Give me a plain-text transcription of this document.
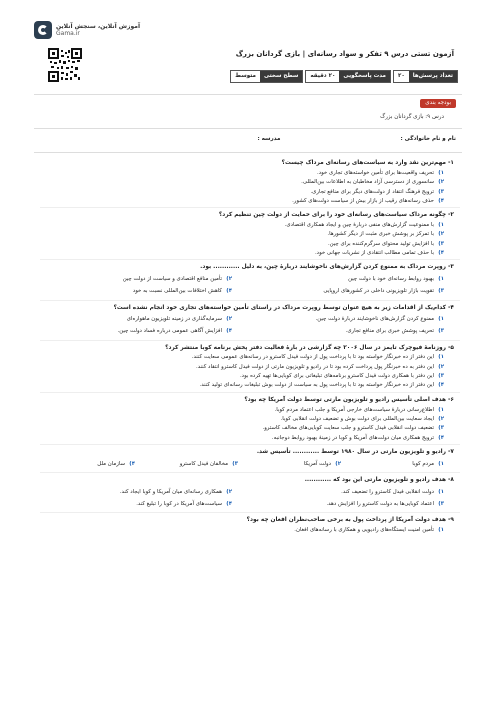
آموزش آنلاین، سنجش آنلاین
Gama.ir
آزمون تستی درس ۹ تفکر و سواد رسانه‌ای | بازی گردانان بزرگ
تعداد پرسش‌ها
۲۰
مدت پاسخگویی
۲۰ دقیقه
سطح سختی
متوسط
بودجه بندی
درس ۹: بازی گردانان بزرگ
نام و نام خانوادگی :
مدرسه :
۱-
مهم‌ترین نقد وارد به سیاست‌های رسانه‌ای مرداک چیست؟
۱)
تحریف واقعیت‌ها برای تأمین خواسته‌های تجاری خود.
۲)
سانسوری از دسترسی آزاد مخاطبان به اطلاعات بین‌المللی.
۳)
ترویج فرهنگ انتقاد از دولت‌های دیگر برای منافع تجاری.
۴)
حذف رسانه‌های رقیب از بازار بیش از سیاست دولت‌های کشور.
۲-
چگونه مرداک سیاست‌های رسانه‌ای خود را برای حمایت از دولت چین تنظیم کرد؟
۱)
با ممنوعیت گزارش‌های منفی دربارهٔ چین و ایجاد همکاری اقتصادی.
۲)
با تمرکز بر پوشش خبری مثبت از دیگر کشورها.
۳)
با افزایش تولید محتوای سرگرم‌کننده برای چین.
۴)
با حذف تمامی مطالب انتقادی از نشریات جهانی خود.
۳-
روپرت مرداک به ممنوع کردن گزارش‌های ناخوشایند دربارهٔ چین، به دلیل ............ بود.
۱)
بهبود روابط رسانه‌ای خود با دولت چین
۲)
تأمین منافع اقتصادی و سیاست از دولت چین
۳)
تقویت بازار تلویزیونی داخلی در کشورهای اروپایی
۴)
کاهش اختلافات بین‌المللی نسبت به خود
۴-
کدام‌یک از اقدامات زیر به هیچ عنوان توسط روپرت مرداک در راستای تأمین خواسته‌های تجاری خود انجام نشده است؟
۱)
ممنوع کردن گزارش‌های ناخوشایند دربارهٔ دولت چین.
۲)
سرمایه‌گذاری در زمینه تلویزیون ماهواره‌ای
۳)
تحریف پوشش خبری برای منافع تجاری.
۴)
افزایش آگاهی عمومی درباره فساد دولت چین.
۵-
روزنامهٔ فیوچرک تایمز در سال ۲۰۰۶ چه گزارشی در بارهٔ فعالیت دفتر پخش برنامه کوبا منتشر کرد؟
۱)
این دفتر از ده خبرنگار خواسته بود تا با پرداخت پول از دولت فیدل کاسترو در رسانه‌های عمومی سعایت کنند.
۲)
این دفتر به ده خبرنگار پول پرداخت کرده بود تا در رادیو و تلویزیون مارتی از دولت فیدل کاسترو انتقاد کنند.
۳)
این دفتر با همکاری دولت فیدل کاسترو برنامه‌های تبلیغاتی برای کوبایی‌ها تهیه کرده بود.
۴)
این دفتر از ده خبرنگار خواسته بود تا با پرداخت پول به سیاست از دولت بوش تبلیغات رسانه‌ای تولید کنند.
۶-
هدف اصلی تأسیس رادیو و تلویزیون مارتی توسط دولت آمریکا چه بود؟
۱)
اطلاع‌رسانی دربارهٔ سیاست‌های خارجی آمریکا و جلب اعتماد مردم کوبا.
۲)
ایجاد سعایت بین‌المللی برای دولت بوش و تضعیف دولت انقلابی کوبا.
۳)
تضعیف دولت انقلابی فیدل کاسترو و جلب سعایت کوبایی‌های مخالف کاسترو.
۴)
ترویج همکاری میان دولت‌های آمریکا و کوبا در زمینهٔ بهبود روابط دوجانبه.
۷-
رادیو و تلویزیون مارتی در سال ۱۹۸۰ توسط ............ تأسیس شد.
۱)
مردم کوبا
۲)
دولت آمریکا
۳)
مخالفان فیدل کاسترو
۴)
سازمان ملل
۸-
هدف رادیو و تلویزیون مارتی این بود که ............
۱)
دولت انقلابی فیدل کاسترو را تضعیف کند.
۲)
همکاری رسانه‌ای میان آمریکا و کوبا ایجاد کند.
۳)
اعتماد کوبایی‌ها به دولت کاسترو را افزایش دهد.
۴)
سیاست‌های آمریکا در کوبا را تبلیغ کند.
۹-
هدف دولت آمریکا از پرداخت پول به برخی صاحب‌نظران افغان چه بود؟
۱)
تأمین امنیت ایستگاه‌های رادیویی و همکاری با رسانه‌های افغان.
